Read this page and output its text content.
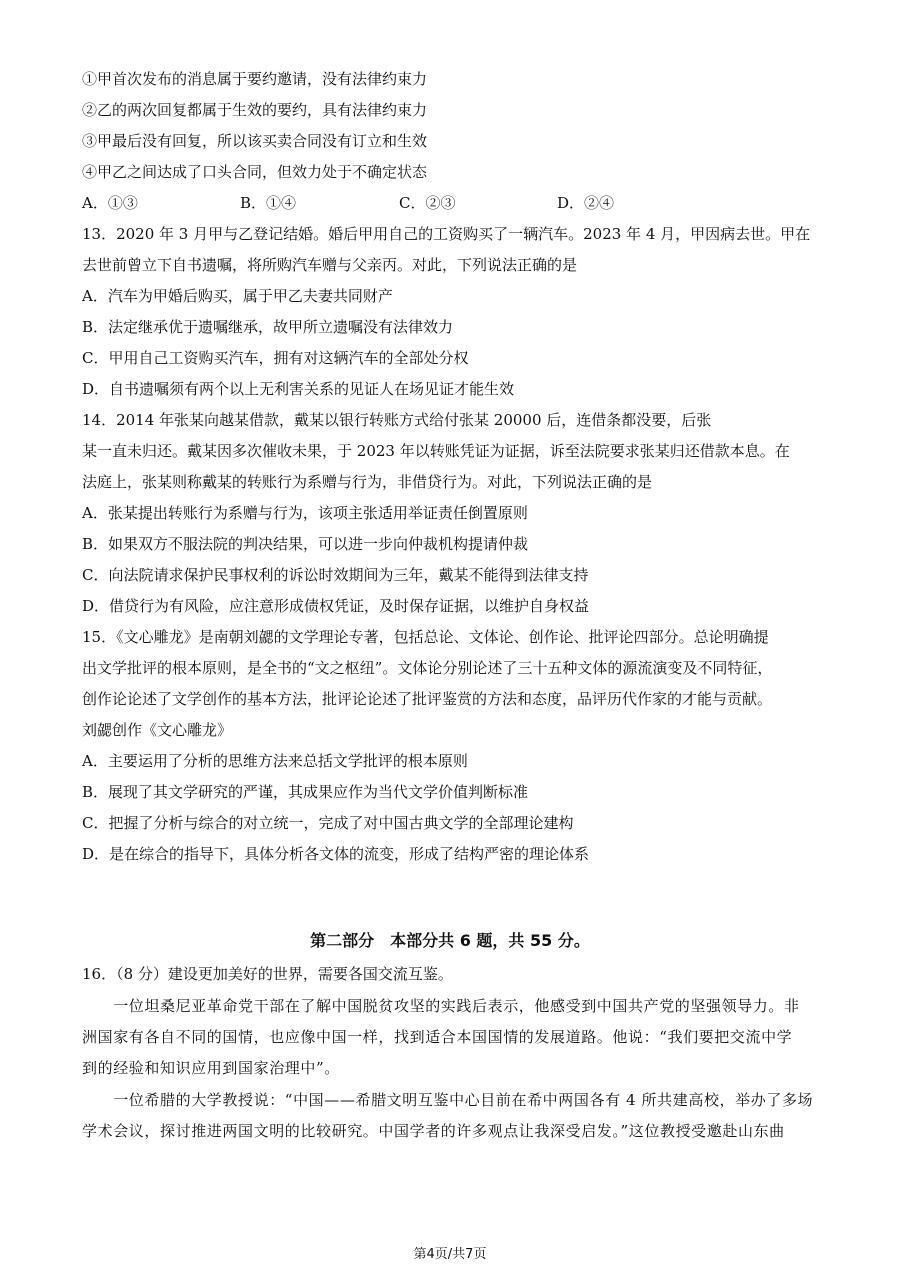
①甲首次发布的消息属于要约邀请，没有法律约束力
②乙的两次回复都属于生效的要约，具有法律约束力
③甲最后没有回复，所以该买卖合同没有订立和生效
④甲乙之间达成了口头合同，但效力处于不确定状态
A．①③	B．①④	C．②③	D．②④
13．2020 年 3 月甲与乙登记结婚。婚后甲用自己的工资购买了一辆汽车。2023 年 4 月，甲因病去世。甲在
去世前曾立下自书遗嘱，将所购汽车赠与父亲丙。对此，下列说法正确的是
A．汽车为甲婚后购买，属于甲乙夫妻共同财产
B．法定继承优于遗嘱继承，故甲所立遗嘱没有法律效力
C．甲用自己工资购买汽车，拥有对这辆汽车的全部处分权
D．自书遗嘱须有两个以上无利害关系的见证人在场见证才能生效
14．2014 年张某向越某借款，戴某以银行转账方式给付张某 20000 后，连借条都没要，后张
某一直未归还。戴某因多次催收未果，于 2023 年以转账凭证为证据，诉至法院要求张某归还借款本息。在
法庭上，张某则称戴某的转账行为系赠与行为，非借贷行为。对此，下列说法正确的是
A．张某提出转账行为系赠与行为，该项主张适用举证责任倒置原则
B．如果双方不服法院的判决结果，可以进一步向仲裁机构提请仲裁
C．向法院请求保护民事权利的诉讼时效期间为三年，戴某不能得到法律支持
D．借贷行为有风险，应注意形成债权凭证，及时保存证据，以维护自身权益
15．《文心雕龙》是南朝刘勰的文学理论专著，包括总论、文体论、创作论、批评论四部分。总论明确提
出文学批评的根本原则，是全书的“文之枢纽”。文体论分别论述了三十五种文体的源流演变及不同特征，
创作论论述了文学创作的基本方法，批评论论述了批评鉴赏的方法和态度，品评历代作家的才能与贡献。
刘勰创作《文心雕龙》
A．主要运用了分析的思维方法来总括文学批评的根本原则
B．展现了其文学研究的严谨，其成果应作为当代文学价值判断标准
C．把握了分析与综合的对立统一，完成了对中国古典文学的全部理论建构
D．是在综合的指导下，具体分析各文体的流变，形成了结构严密的理论体系
第二部分　本部分共 6 题，共 55 分。
16．（8 分）建设更加美好的世界，需要各国交流互鉴。
　　一位坦桑尼亚革命党干部在了解中国脱贫攻坚的实践后表示，他感受到中国共产党的坚强领导力。非
洲国家有各自不同的国情，也应像中国一样，找到适合本国国情的发展道路。他说：“我们要把交流中学
到的经验和知识应用到国家治理中”。
　　一位希腊的大学教授说：“中国——希腊文明互鉴中心目前在希中两国各有 4 所共建高校，举办了多场
学术会议，探讨推进两国文明的比较研究。中国学者的许多观点让我深受启发。”这位教授受邀赴山东曲
第4页/共7页
